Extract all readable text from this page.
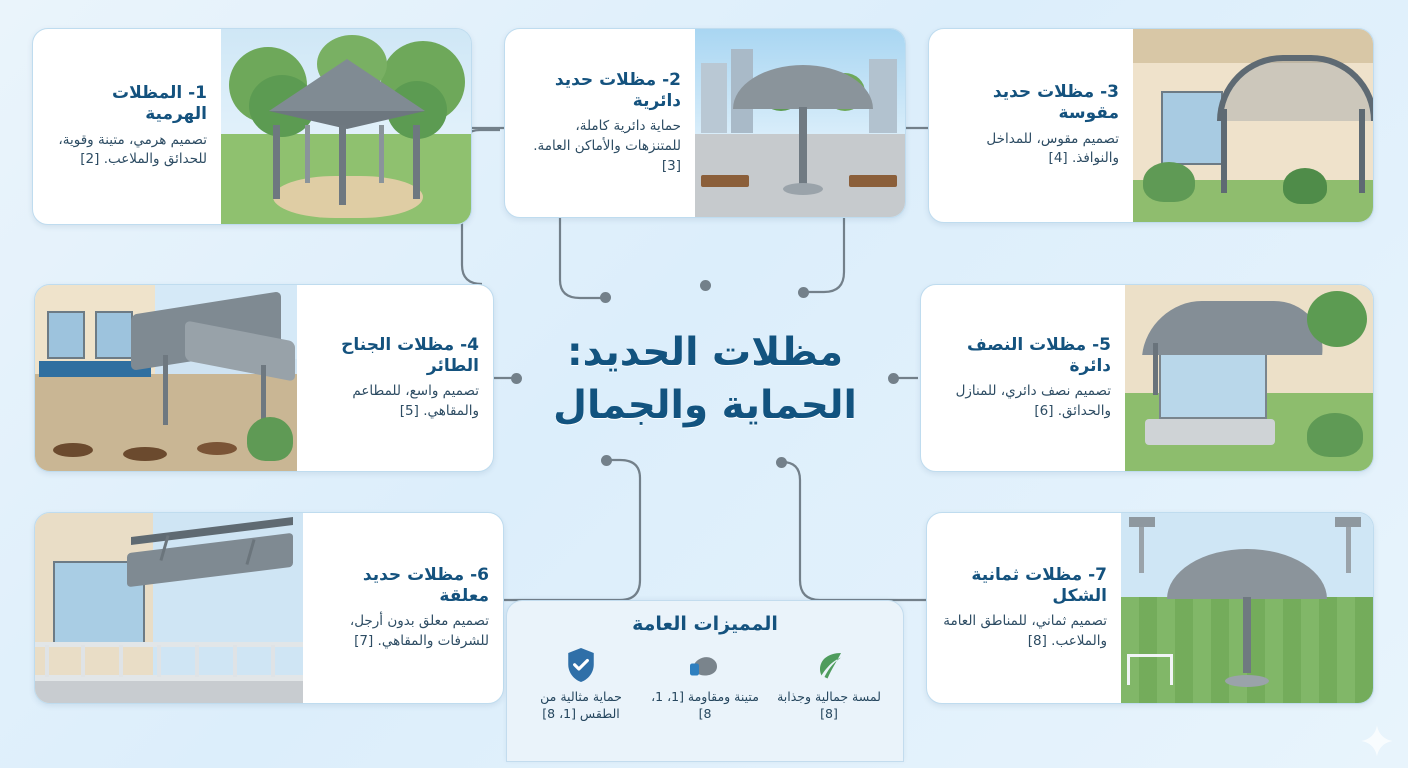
1- المظلات الهرمية
تصميم هرمي، متينة وقوية، للحدائق والملاعب. [2]
2- مظلات حديد دائرية
حماية دائرية كاملة، للمتنزهات والأماكن العامة. [3]
3- مظلات حديد مقوسة
تصميم مقوس، للمداخل والنوافذ. [4]
4- مظلات الجناح الطائر
تصميم واسع، للمطاعم والمقاهي. [5]
5- مظلات النصف دائرة
تصميم نصف دائري، للمنازل والحدائق. [6]
6- مظلات حديد معلقة
تصميم معلق بدون أرجل، للشرفات والمقاهي. [7]
7- مظلات ثمانية الشكل
تصميم ثماني، للمناطق العامة والملاعب. [8]
مظلات الحديد:
الحماية والجمال
المميزات العامة
لمسة جمالية وجذابة [8]
متينة ومقاومة [1، 1، 8]
حماية مثالية من الطقس [1، 8]
